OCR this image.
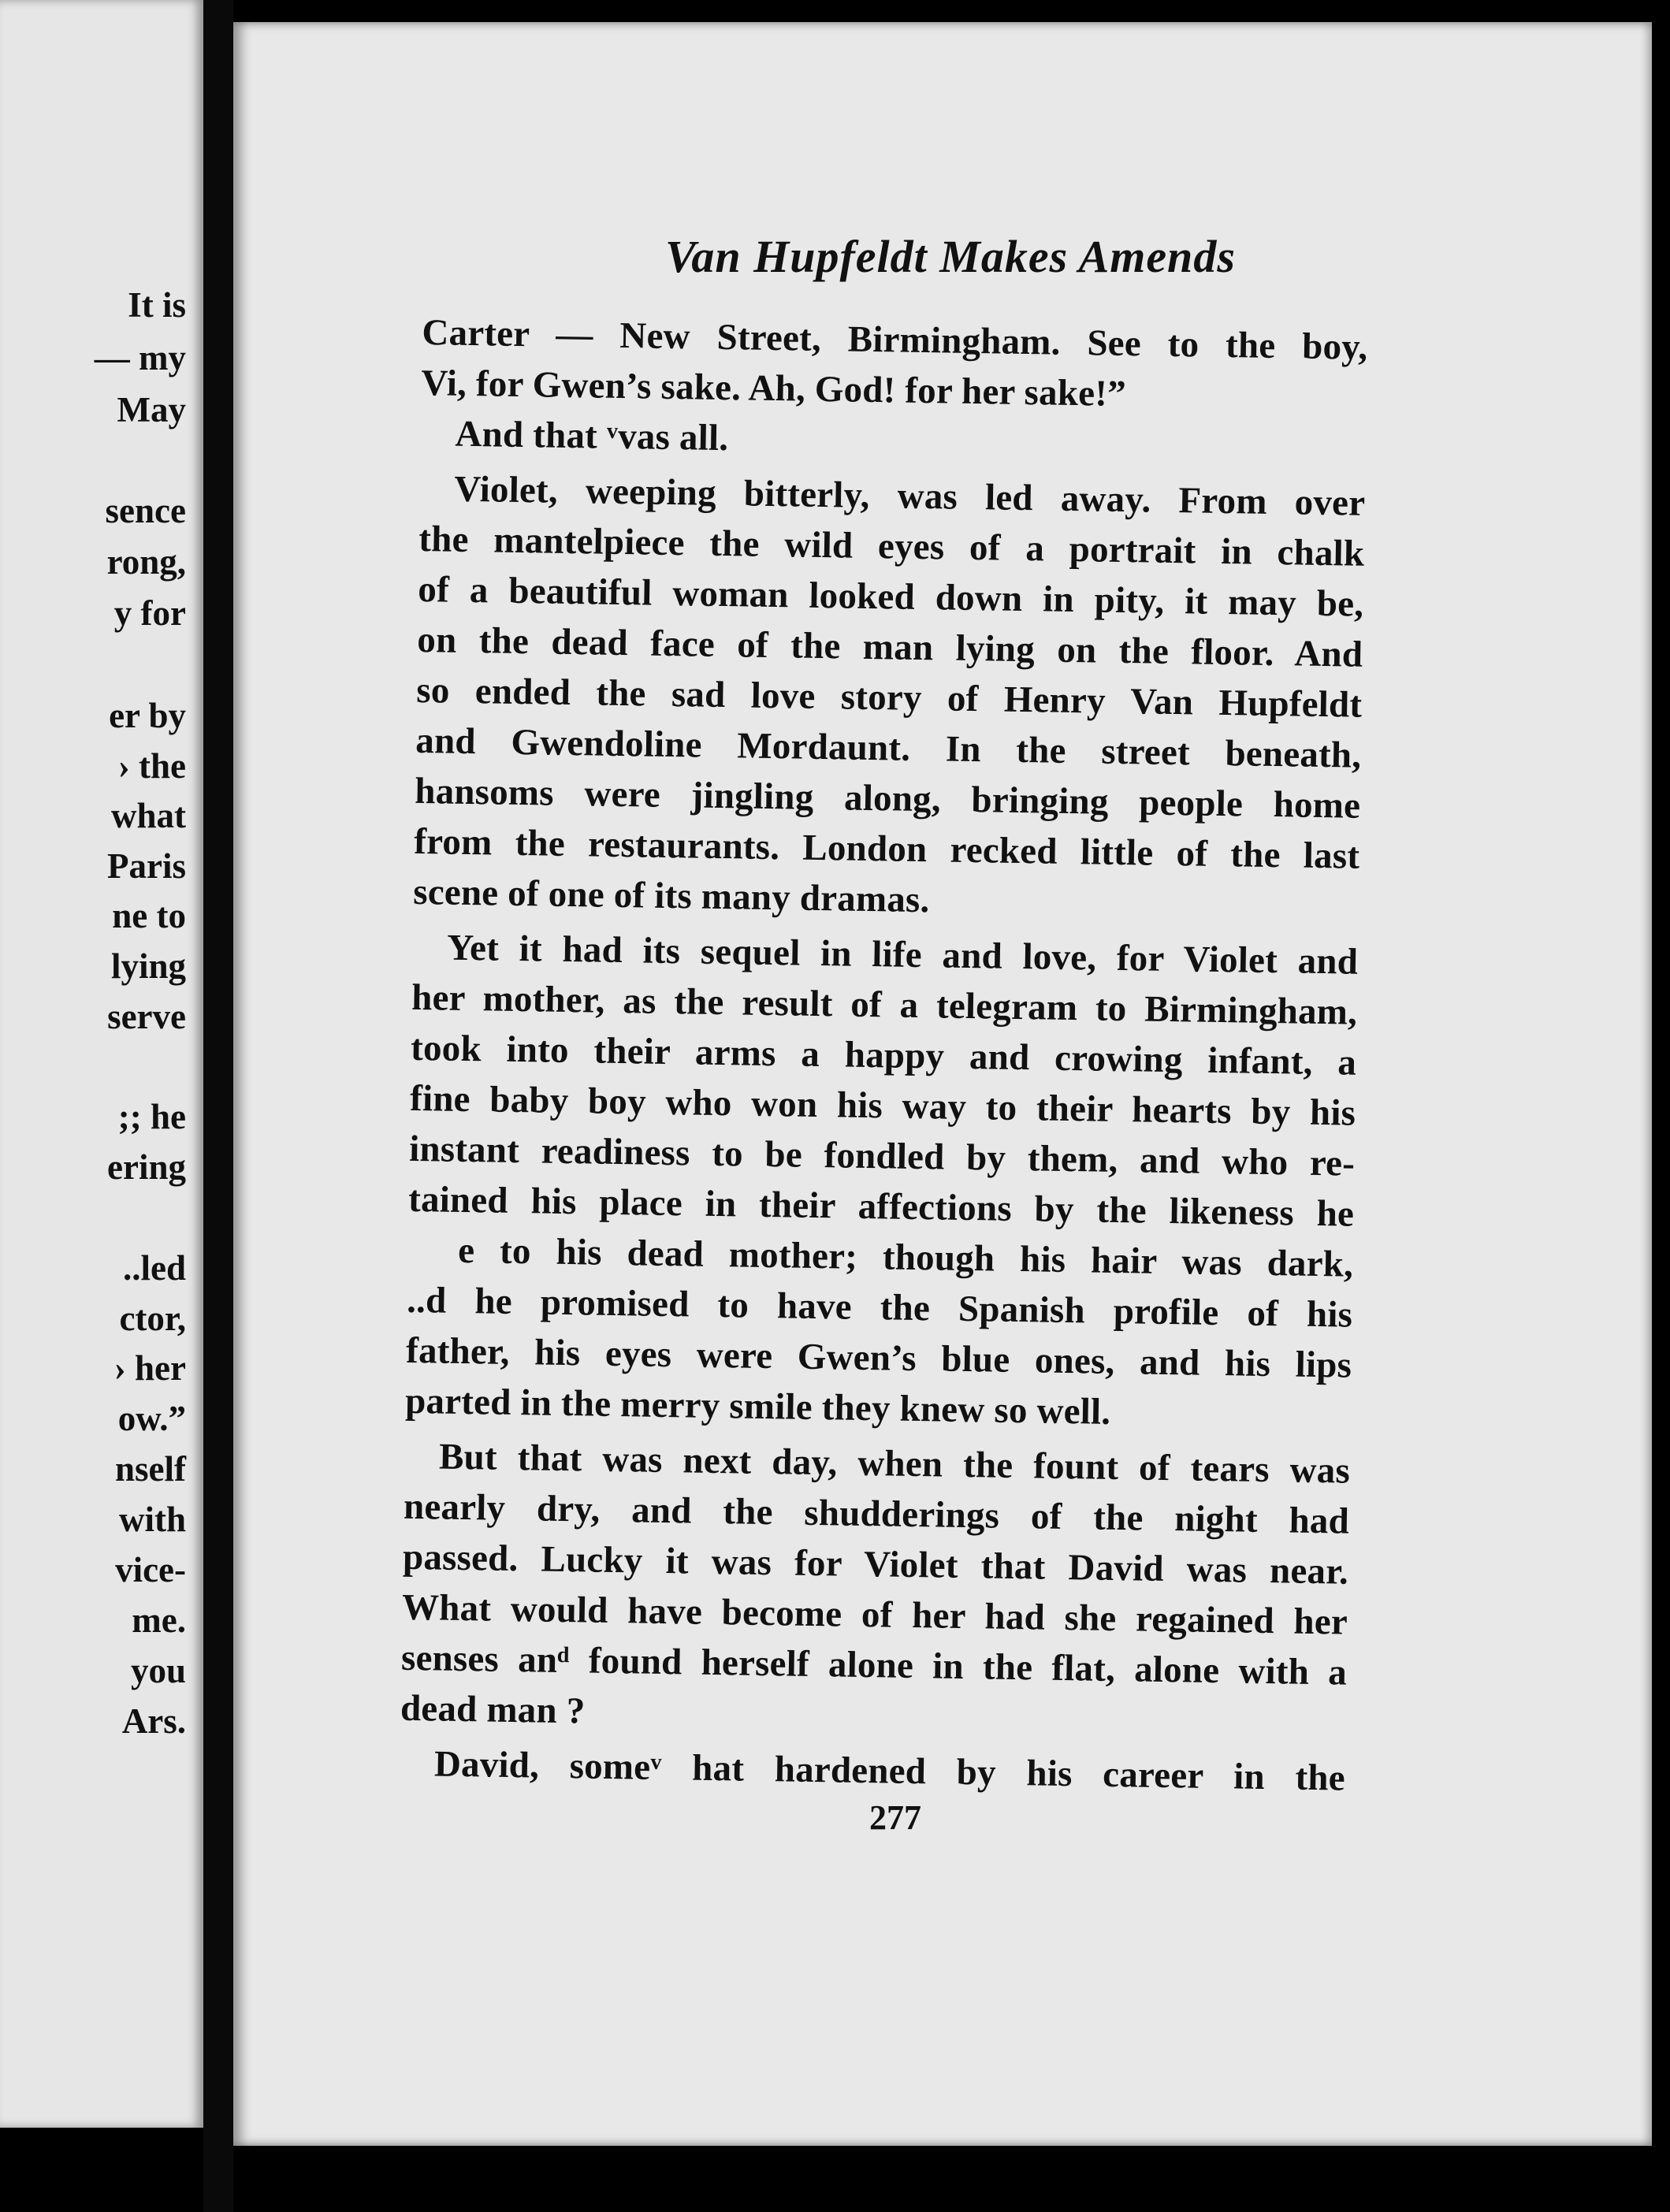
It is
— my
May
sence
rong,
y for
er by
› the
what
Paris
ne to
lying
serve
;; he
ering
..led
ctor,
› her
ow.”
nself
with
vice-
me.
you
Ars.
Van Hupfeldt Makes Amends
Carter — New Street, Birmingham. See to the boy,
Vi, for Gwen’s sake. Ah, God! for her sake!”
And that ᵛvas all.
Violet, weeping bitterly, was led away. From over
the mantelpiece the wild eyes of a portrait in chalk
of a beautiful woman looked down in pity, it may be,
on the dead face of the man lying on the floor. And
so ended the sad love story of Henry Van Hupfeldt
and Gwendoline Mordaunt. In the street beneath,
hansoms were jingling along, bringing people home
from the restaurants. London recked little of the last
scene of one of its many dramas.
Yet it had its sequel in life and love, for Violet and
her mother, as the result of a telegram to Birmingham,
took into their arms a happy and crowing infant, a
fine baby boy who won his way to their hearts by his
instant readiness to be fondled by them, and who re-
tained his place in their affections by the likeness he
e to his dead mother; though his hair was dark,
..d he promised to have the Spanish profile of his
father, his eyes were Gwen’s blue ones, and his lips
parted in the merry smile they knew so well.
But that was next day, when the fount of tears was
nearly dry, and the shudderings of the night had
passed. Lucky it was for Violet that David was near.
What would have become of her had she regained her
senses anᵈ found herself alone in the flat, alone with a
dead man ?
David, someᵛ hat hardened by his career in the
277
